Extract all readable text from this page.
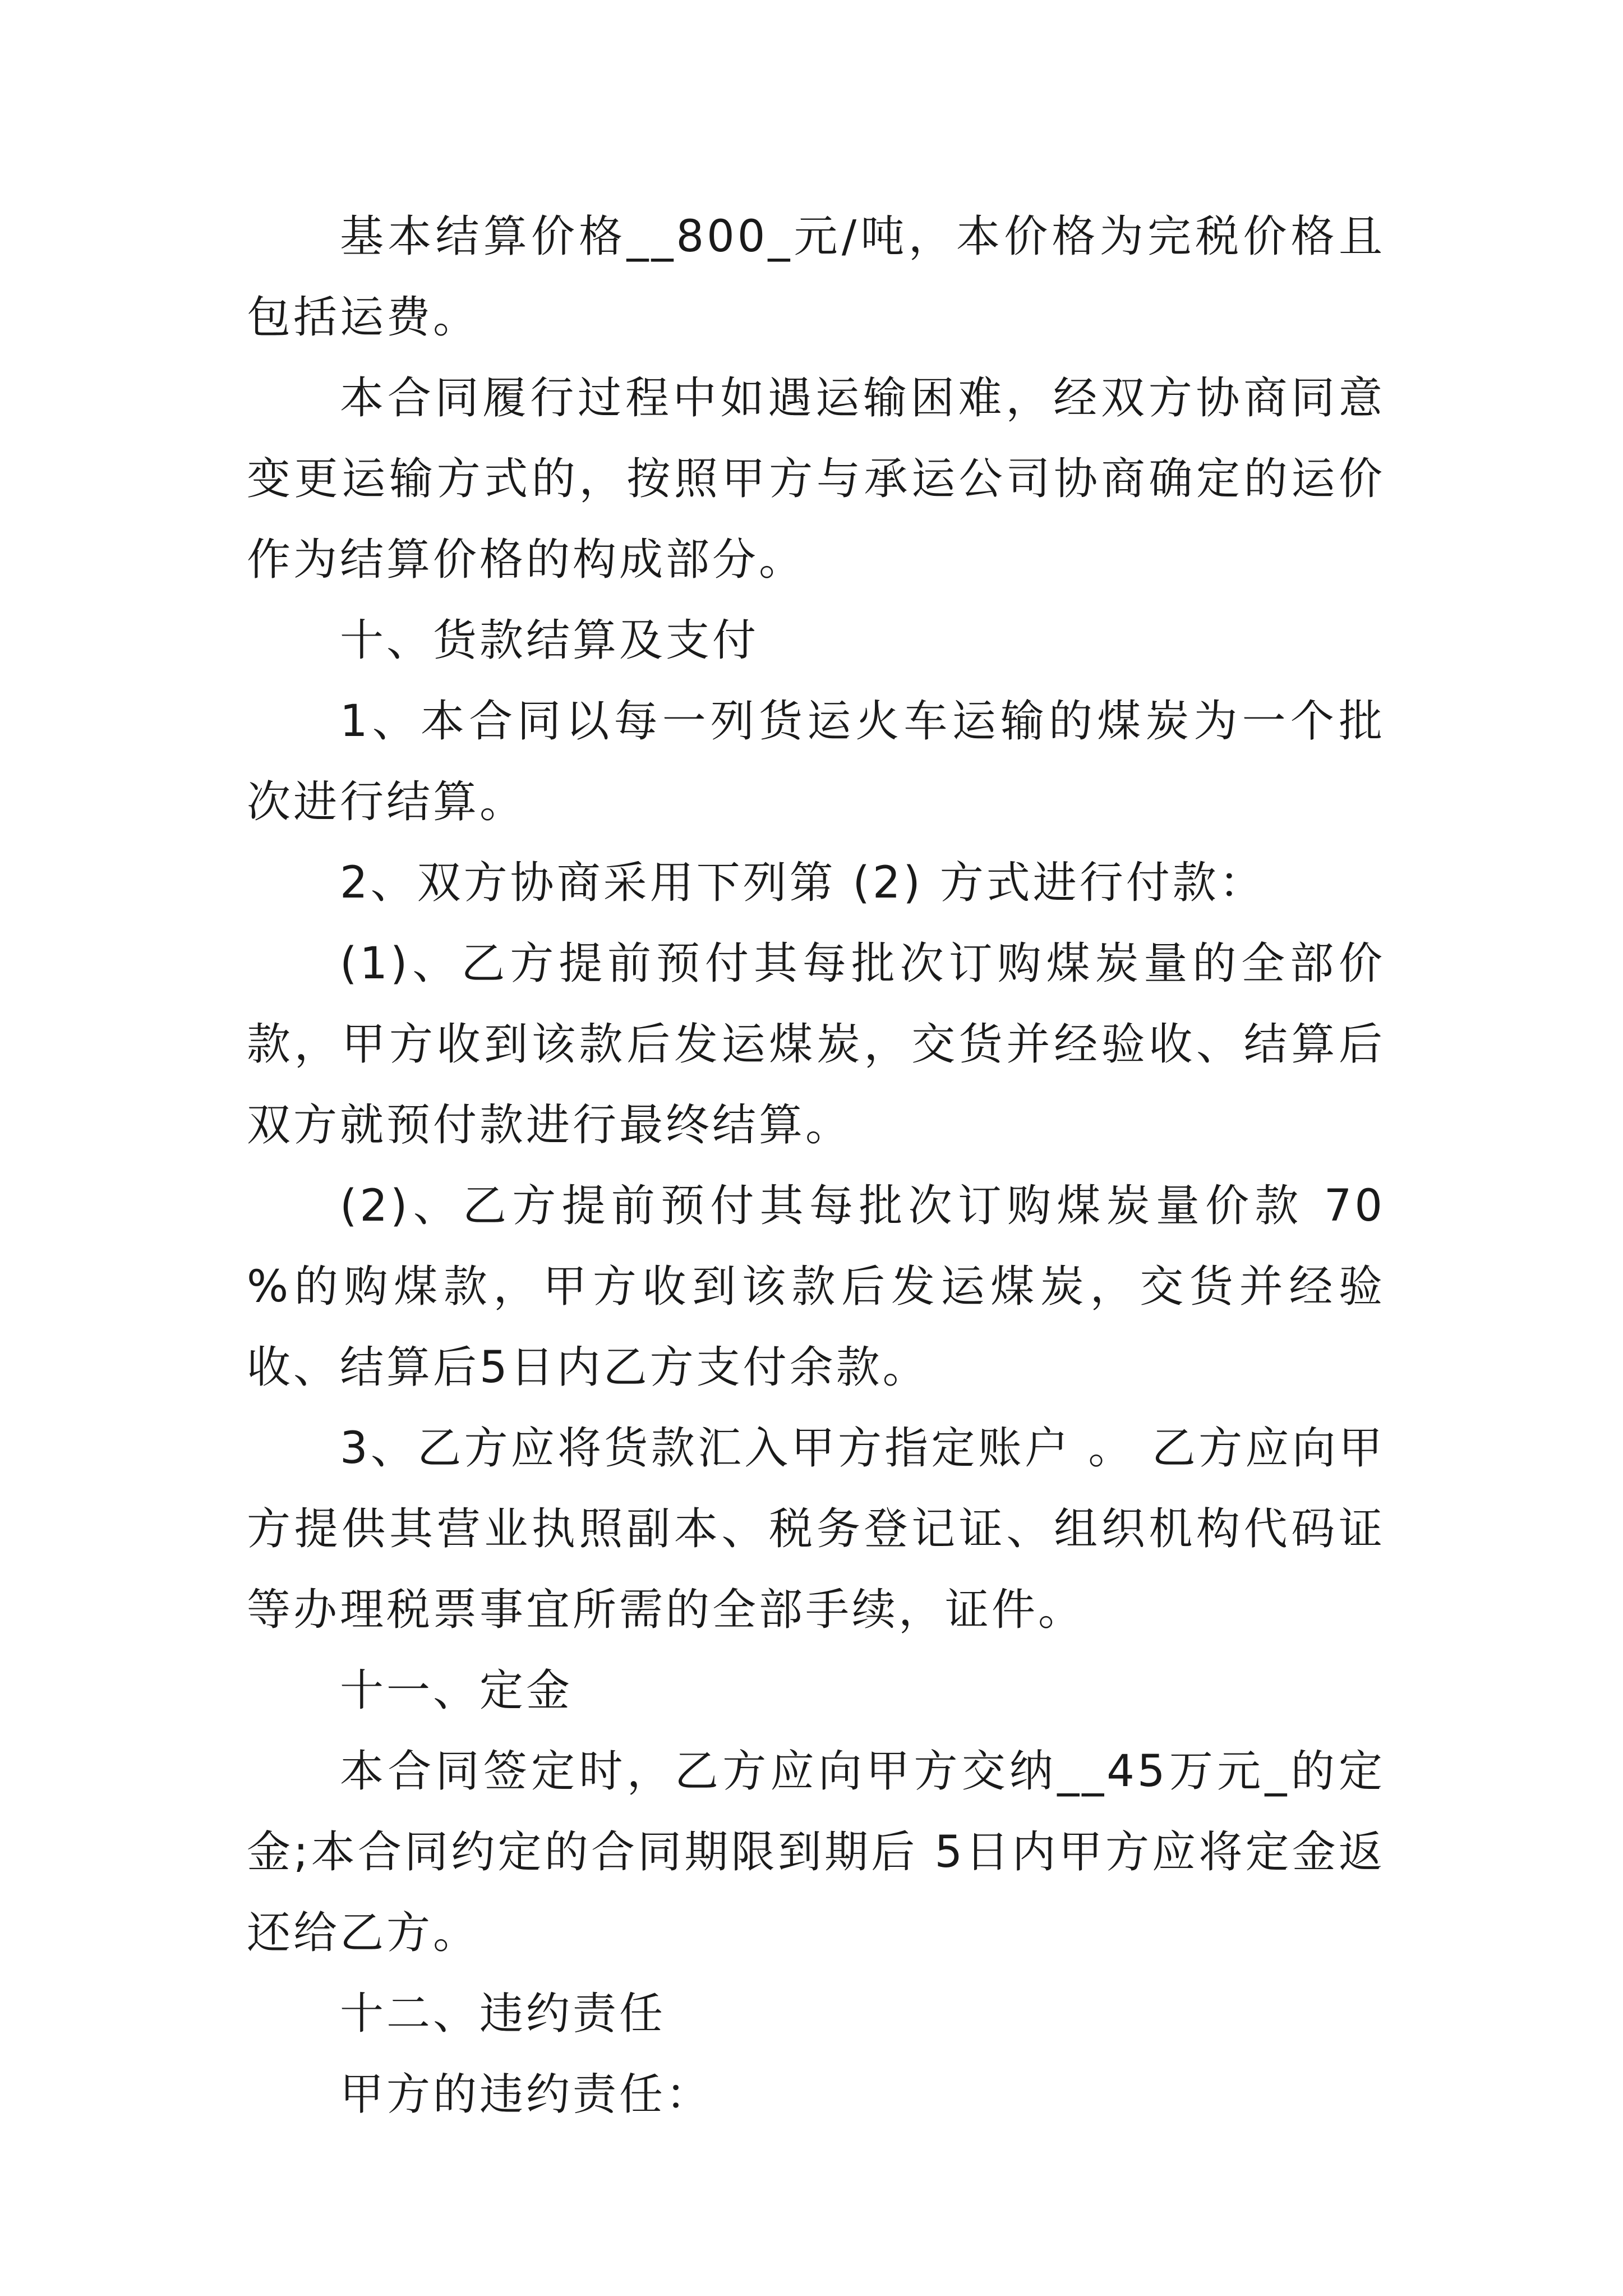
基本结算价格__800_元/吨，本价格为完税价格且包括运费。

本合同履行过程中如遇运输困难，经双方协商同意变更运输方式的，按照甲方与承运公司协商确定的运价作为结算价格的构成部分。

十、货款结算及支付

1、本合同以每一列货运火车运输的煤炭为一个批次进行结算。

2、双方协商采用下列第 (2) 方式进行付款：

(1)、乙方提前预付其每批次订购煤炭量的全部价款，甲方收到该款后发运煤炭，交货并经验收、结算后双方就预付款进行最终结算。

(2)、乙方提前预付其每批次订购煤炭量价款 70 %的购煤款，甲方收到该款后发运煤炭，交货并经验收、结算后5日内乙方支付余款。

3、乙方应将货款汇入甲方指定账户 。 乙方应向甲方提供其营业执照副本、税务登记证、组织机构代码证等办理税票事宜所需的全部手续，证件。

十一、定金

本合同签定时，乙方应向甲方交纳__45万元_的定金;本合同约定的合同期限到期后 5日内甲方应将定金返还给乙方。

十二、违约责任

甲方的违约责任：
